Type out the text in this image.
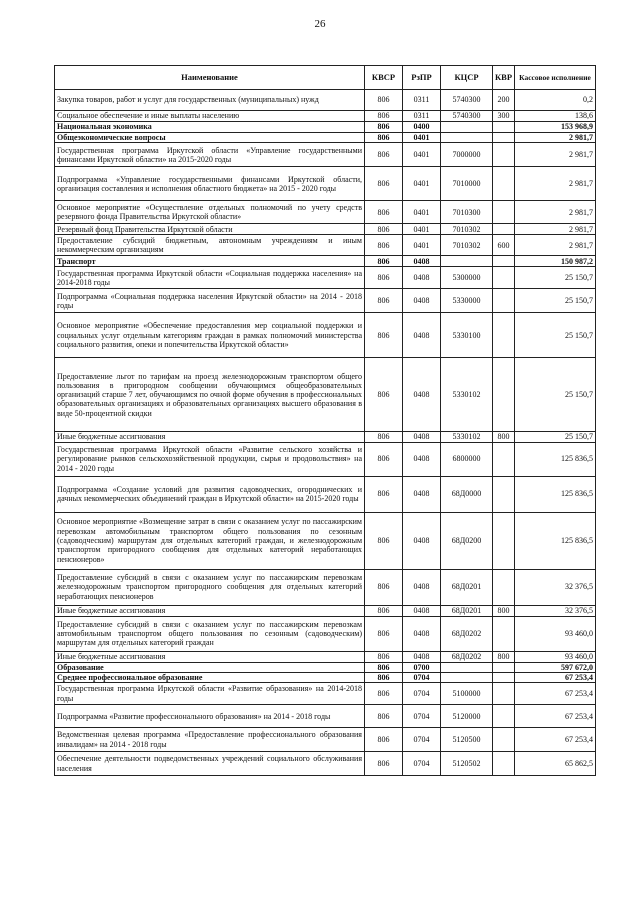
26
Наименование	КВСР	РзПР	КЦСР	КВР	Кассовое исполнение
Закупка товаров, работ и услуг для государственных (муниципальных) нужд	806	0311	5740300	200	0,2
Социальное обеспечение и иные выплаты населению	806	0311	5740300	300	138,6
Национальная экономика	806	0400			153 968,9
Общеэкономические вопросы	806	0401			2 981,7
Государственная программа Иркутской области «Управление государственными финансами Иркутской области» на 2015-2020 годы	806	0401	7000000		2 981,7
Подпрограмма «Управление государственными финансами Иркутской области, организация составления и исполнения областного бюджета» на 2015 - 2020 годы	806	0401	7010000		2 981,7
Основное мероприятие «Осуществление отдельных полномочий по учету средств резервного фонда Правительства Иркутской области»	806	0401	7010300		2 981,7
Резервный фонд Правительства Иркутской области	806	0401	7010302		2 981,7
Предоставление субсидий бюджетным, автономным учреждениям и иным некоммерческим организациям	806	0401	7010302	600	2 981,7
Транспорт	806	0408			150 987,2
Государственная программа Иркутской области «Социальная поддержка населения» на 2014-2018 годы	806	0408	5300000		25 150,7
Подпрограмма «Социальная поддержка населения Иркутской области» на 2014 - 2018 годы	806	0408	5330000		25 150,7
Основное мероприятие «Обеспечение предоставления мер социальной поддержки и социальных услуг отдельным категориям граждан в рамках полномочий министерства социального развития, опеки и попечительства Иркутской области»	806	0408	5330100		25 150,7
Предоставление льгот по тарифам на проезд железнодорожным транспортом общего пользования в пригородном сообщении обучающимся общеобразовательных организаций старше 7 лет, обучающимся по очной форме обучения в профессиональных образовательных организациях и образовательных организациях высшего образования в виде 50-процентной скидки	806	0408	5330102		25 150,7
Иные бюджетные ассигнования	806	0408	5330102	800	25 150,7
Государственная программа Иркутской области «Развитие сельского хозяйства и регулирование рынков сельскохозяйственной продукции, сырья и продовольствия» на 2014 - 2020 годы	806	0408	6800000		125 836,5
Подпрограмма «Создание условий для развития садоводческих, огороднических и дачных некоммерческих объединений граждан в Иркутской области» на 2015-2020 годы	806	0408	68Д0000		125 836,5
Основное мероприятие «Возмещение затрат в связи с оказанием услуг по пассажирским перевозкам автомобильным транспортом общего пользования по сезонным (садоводческим) маршрутам для отдельных категорий граждан, и железнодорожным транспортом пригородного сообщения для отдельных категорий неработающих пенсионеров»	806	0408	68Д0200		125 836,5
Предоставление субсидий в связи с оказанием услуг по пассажирским перевозкам железнодорожным транспортом пригородного сообщения для отдельных категорий неработающих пенсионеров	806	0408	68Д0201		32 376,5
Иные бюджетные ассигнования	806	0408	68Д0201	800	32 376,5
Предоставление субсидий в связи с оказанием услуг по пассажирским перевозкам автомобильным транспортом общего пользования по сезонным (садоводческим) маршрутам для отдельных категорий граждан	806	0408	68Д0202		93 460,0
Иные бюджетные ассигнования	806	0408	68Д0202	800	93 460,0
Образование	806	0700			597 672,0
Среднее профессиональное образование	806	0704			67 253,4
Государственная программа Иркутской области «Развитие образования» на 2014-2018 годы	806	0704	5100000		67 253,4
Подпрограмма «Развитие профессионального образования» на 2014 - 2018 годы	806	0704	5120000		67 253,4
Ведомственная целевая программа «Предоставление профессионального образования инвалидам» на 2014 - 2018 годы	806	0704	5120500		67 253,4
Обеспечение деятельности подведомственных учреждений социального обслуживания населения	806	0704	5120502		65 862,5
